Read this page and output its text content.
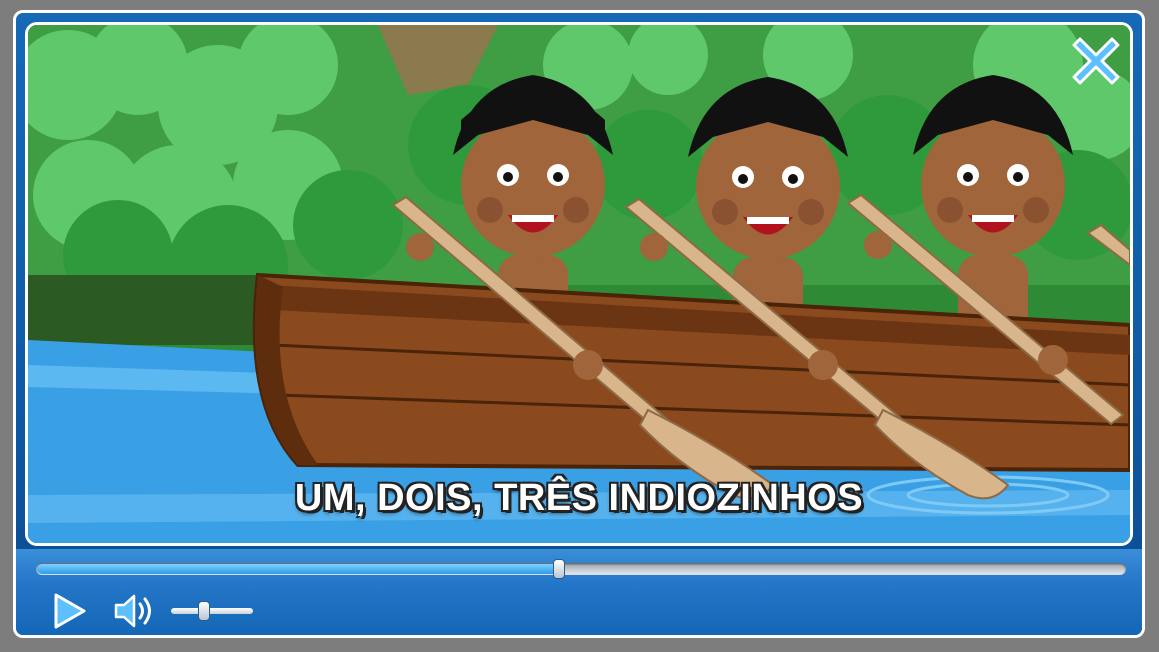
UM, DOIS, TRÊS INDIOZINHOS
